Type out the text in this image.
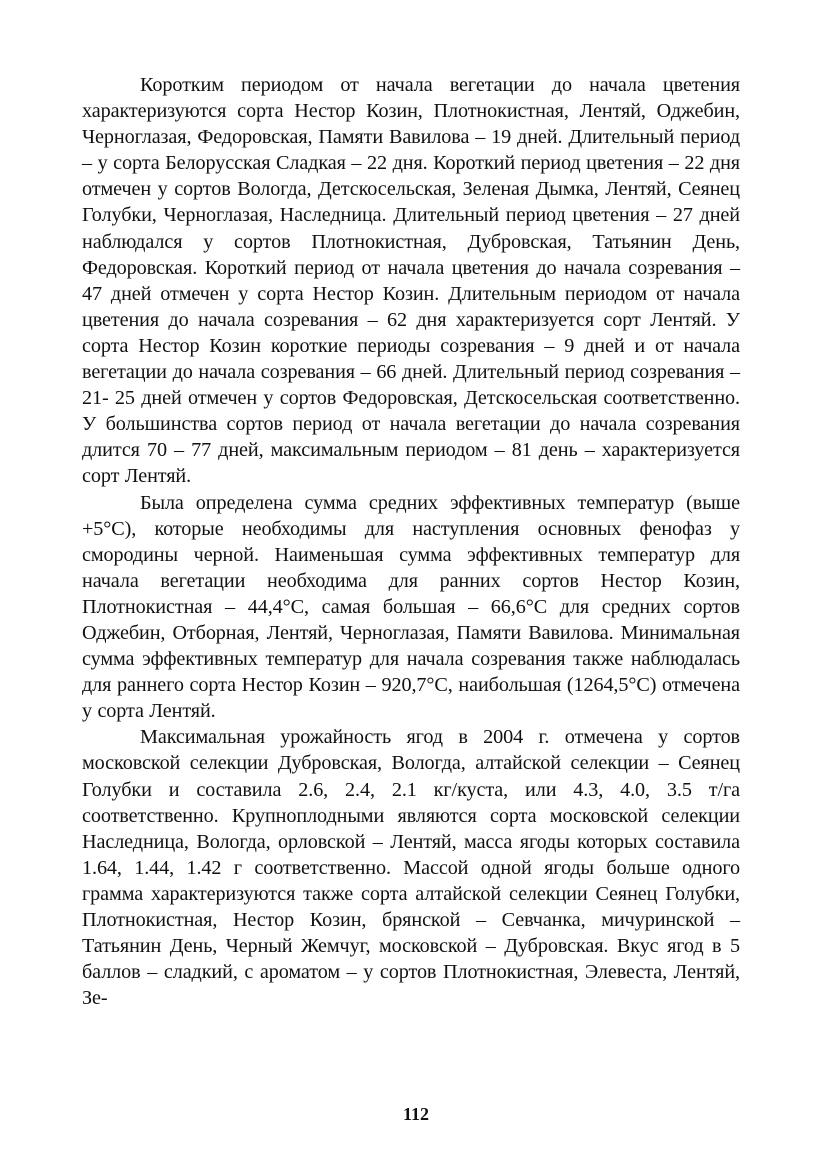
Коротким периодом от начала вегетации до начала цветения характеризуются сорта Нестор Козин, Плотнокистная, Лентяй, Оджебин, Черноглазая, Федоровская, Памяти Вавилова – 19 дней. Длительный период – у сорта Белорусская Сладкая – 22 дня. Короткий период цветения – 22 дня отмечен у сортов Вологда, Детскосельская, Зеленая Дымка, Лентяй, Сеянец Голубки, Черноглазая, Наследница. Длительный период цветения – 27 дней наблюдался у сортов Плотнокистная, Дубровская, Татьянин День, Федоровская. Короткий период от начала цветения до начала созревания – 47 дней отмечен у сорта Нестор Козин. Длительным периодом от начала цветения до начала созревания – 62 дня характеризуется сорт Лентяй. У сорта Нестор Козин короткие периоды созревания – 9 дней и от начала вегетации до начала созревания – 66 дней. Длительный период созревания – 21- 25 дней отмечен у сортов Федоровская, Детскосельская соответственно. У большинства сортов период от начала вегетации до начала созревания длится 70 – 77 дней, максимальным периодом – 81 день – характеризуется сорт Лентяй.

Была определена сумма средних эффективных температур (выше +5°С), которые необходимы для наступления основных фенофаз у смородины черной. Наименьшая сумма эффективных температур для начала вегетации необходима для ранних сортов Нестор Козин, Плотнокистная – 44,4°С, самая большая – 66,6°С для средних сортов Оджебин, Отборная, Лентяй, Черноглазая, Памяти Вавилова. Минимальная сумма эффективных температур для начала созревания также наблюдалась для раннего сорта Нестор Козин – 920,7°С, наибольшая (1264,5°С) отмечена у сорта Лентяй.

Максимальная урожайность ягод в 2004 г. отмечена у сортов московской селекции Дубровская, Вологда, алтайской селекции – Сеянец Голубки и составила 2.6, 2.4, 2.1 кг/куста, или 4.3, 4.0, 3.5 т/га соответственно. Крупноплодными являются сорта московской селекции Наследница, Вологда, орловской – Лентяй, масса ягоды которых составила 1.64, 1.44, 1.42 г соответственно. Массой одной ягоды больше одного грамма характеризуются также сорта алтайской селекции Сеянец Голубки, Плотнокистная, Нестор Козин, брянской – Севчанка, мичуринской – Татьянин День, Черный Жемчуг, московской – Дубровская. Вкус ягод в 5 баллов – сладкий, с ароматом – у сортов Плотнокистная, Элевеста, Лентяй, Зе-

112
